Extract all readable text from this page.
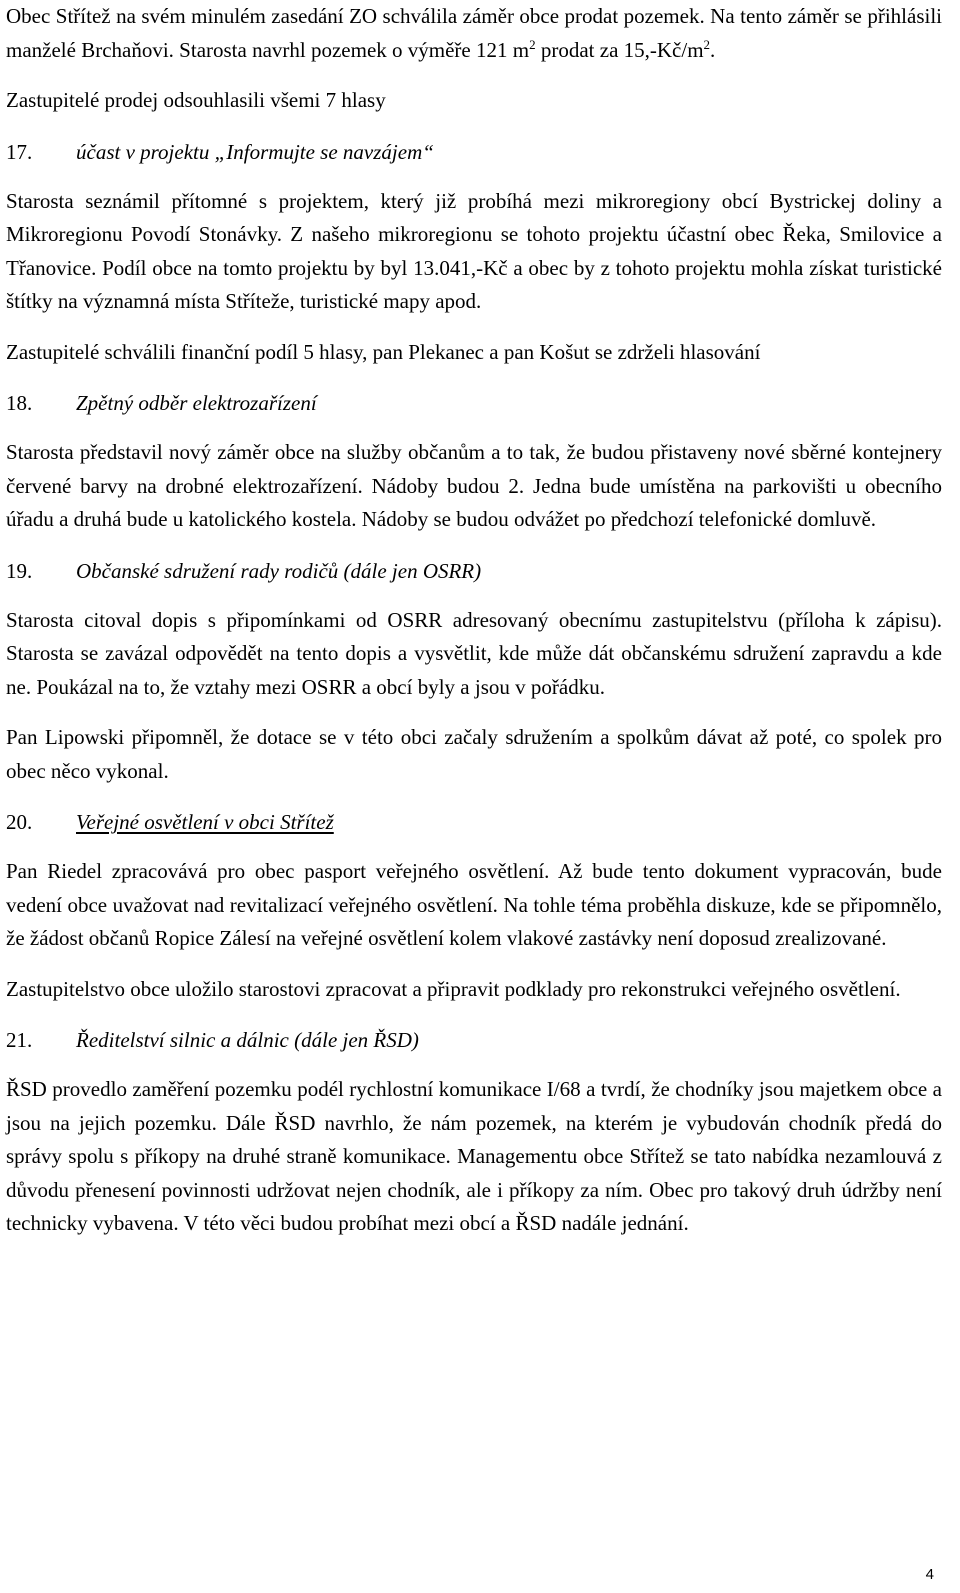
Obec Střítež na svém minulém zasedání ZO schválila záměr obce prodat pozemek. Na tento záměr se přihlásili manželé Brchaňovi. Starosta navrhl pozemek o výměře 121 $m^2$ prodat za $15,-Kč/m^2$.

Zastupitelé prodej odsouhlasili všemi 7 hlasy

17. účast v projektu „Informujte se navzájem“

Starosta seznámil přítomné s projektem, který již probíhá mezi mikroregiony obcí Bystrickej doliny a Mikroregionu Povodí Stonávky. Z našeho mikroregionu se tohoto projektu účastní obec Řeka, Smilovice a Třanovice. Podíl obce na tomto projektu by byl 13.041,-Kč a obec by z tohoto projektu mohla získat turistické štítky na významná místa Stříteže, turistické mapy apod.

Zastupitelé schválili finanční podíl 5 hlasy, pan Plekanec a pan Košut se zdrželi hlasování

18. Zpětný odběr elektrozařízení

Starosta představil nový záměr obce na služby občanům a to tak, že budou přistaveny nové sběrné kontejnery červené barvy na drobné elektrozařízení. Nádoby budou 2. Jedna bude umístěna na parkovišti u obecního úřadu a druhá bude u katolického kostela. Nádoby se budou odvážet po předchozí telefonické domluvě.

19. Občanské sdružení rady rodičů (dále jen OSRR)

Starosta citoval dopis s připomínkami od OSRR adresovaný obecnímu zastupitelstvu (příloha k zápisu). Starosta se zavázal odpovědět na tento dopis a vysvětlit, kde může dát občanskému sdružení zapravdu a kde ne. Poukázal na to, že vztahy mezi OSRR a obcí byly a jsou v pořádku.

Pan Lipowski připomněl, že dotace se v této obci začaly sdružením a spolkům dávat až poté, co spolek pro obec něco vykonal.

20. Veřejné osvětlení v obci Střítež

Pan Riedel zpracovává pro obec pasport veřejného osvětlení. Až bude tento dokument vypracován, bude vedení obce uvažovat nad revitalizací veřejného osvětlení. Na tohle téma proběhla diskuze, kde se připomnělo, že žádost občanů Ropice Zálesí na veřejné osvětlení kolem vlakové zastávky není doposud zrealizované.

Zastupitelstvo obce uložilo starostovi zpracovat a připravit podklady pro rekonstrukci veřejného osvětlení.

21. Ředitelství silnic a dálnic (dále jen ŘSD)

ŘSD provedlo zaměření pozemku podél rychlostní komunikace I/68 a tvrdí, že chodníky jsou majetkem obce a jsou na jejich pozemku. Dále ŘSD navrhlo, že nám pozemek, na kterém je vybudován chodník předá do správy spolu s příkopy na druhé straně komunikace. Managementu obce Střítež se tato nabídka nezamlouvá z důvodu přenesení povinnosti udržovat nejen chodník, ale i příkopy za ním. Obec pro takový druh údržby není technicky vybavena. V této věci budou probíhat mezi obcí a ŘSD nadále jednání.

4
